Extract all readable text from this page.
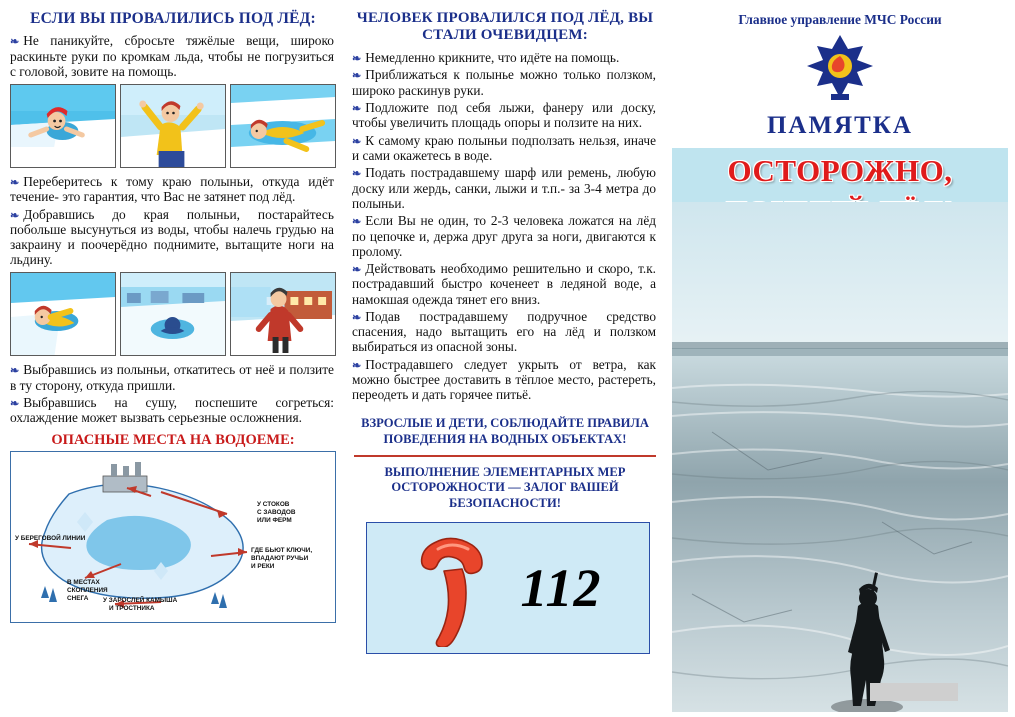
ЕСЛИ ВЫ ПРОВАЛИЛИСЬ ПОД ЛЁД:

❧ Не паникуйте, сбросьте тяжёлые вещи, широко раскиньте руки по кромкам льда, чтобы не погрузиться с головой, зовите на помощь.

❧ Переберитесь к тому краю полыньи, откуда идёт течение- это гарантия, что Вас не затянет под лёд.

❧ Добравшись до края полыньи, постарайтесь побольше высунуться из воды, чтобы налечь грудью на закраину и поочерёдно поднимите, вытащите ноги на льдину.

❧ Выбравшись из полыньи, откатитесь от неё и ползите в ту сторону, откуда пришли.

❧ Выбравшись на сушу, поспешите согреться: охлаждение может вызвать серьезные осложнения.

ОПАСНЫЕ МЕСТА НА ВОДОЕМЕ:
У СТОКОВ
С ЗАВОДОВ
ИЛИ ФЕРМ
ГДЕ БЬЮТ КЛЮЧИ,
ВПАДАЮТ РУЧЬИ
И РЕКИ
У БЕРЕГОВОЙ ЛИНИИ
В МЕСТАХ
СКОПЛЕНИЯ
СНЕГА У ЗАРОСЛЕЙ КАМЫША
И ТРОСТНИКА
ЧЕЛОВЕК ПРОВАЛИЛСЯ ПОД ЛЁД, ВЫ СТАЛИ ОЧЕВИДЦЕМ:

❧ Немедленно крикните, что идёте на помощь.

❧ Приближаться к полынье можно только ползком, широко раскинув руки.

❧ Подложите под себя лыжи, фанеру или доску, чтобы увеличить площадь опоры и ползите на них.

❧ К самому краю полыньи подползать нельзя, иначе и сами окажетесь в воде.

❧ Подать пострадавшему шарф или ремень, любую доску или жердь, санки, лыжи и т.п.- за 3-4 метра до полыньи.

❧ Если Вы не один, то 2-3 человека ложатся на лёд по цепочке и, держа друг друга за ноги, двигаются к пролому.

❧ Действовать необходимо решительно и скоро, т.к. пострадавший быстро коченеет в ледяной воде, а намокшая одежда тянет его вниз.

❧ Подав пострадавшему подручное средство спасения, надо вытащить его на лёд и ползком выбираться из опасной зоны.

❧ Пострадавшего следует укрыть от ветра, как можно быстрее доставить в тёплое место, растереть, переодеть и дать горячее питьё.

ВЗРОСЛЫЕ И ДЕТИ, СОБЛЮДАЙТЕ ПРАВИЛА ПОВЕДЕНИЯ НА ВОДНЫХ ОБЪЕКТАХ!
ВЫПОЛНЕНИЕ ЭЛЕМЕНТАРНЫХ МЕР ОСТОРОЖНОСТИ — ЗАЛОГ ВАШЕЙ БЕЗОПАСНОСТИ!
112
Главное управление МЧС России
ПАМЯТКА
ОСТОРОЖНО,
